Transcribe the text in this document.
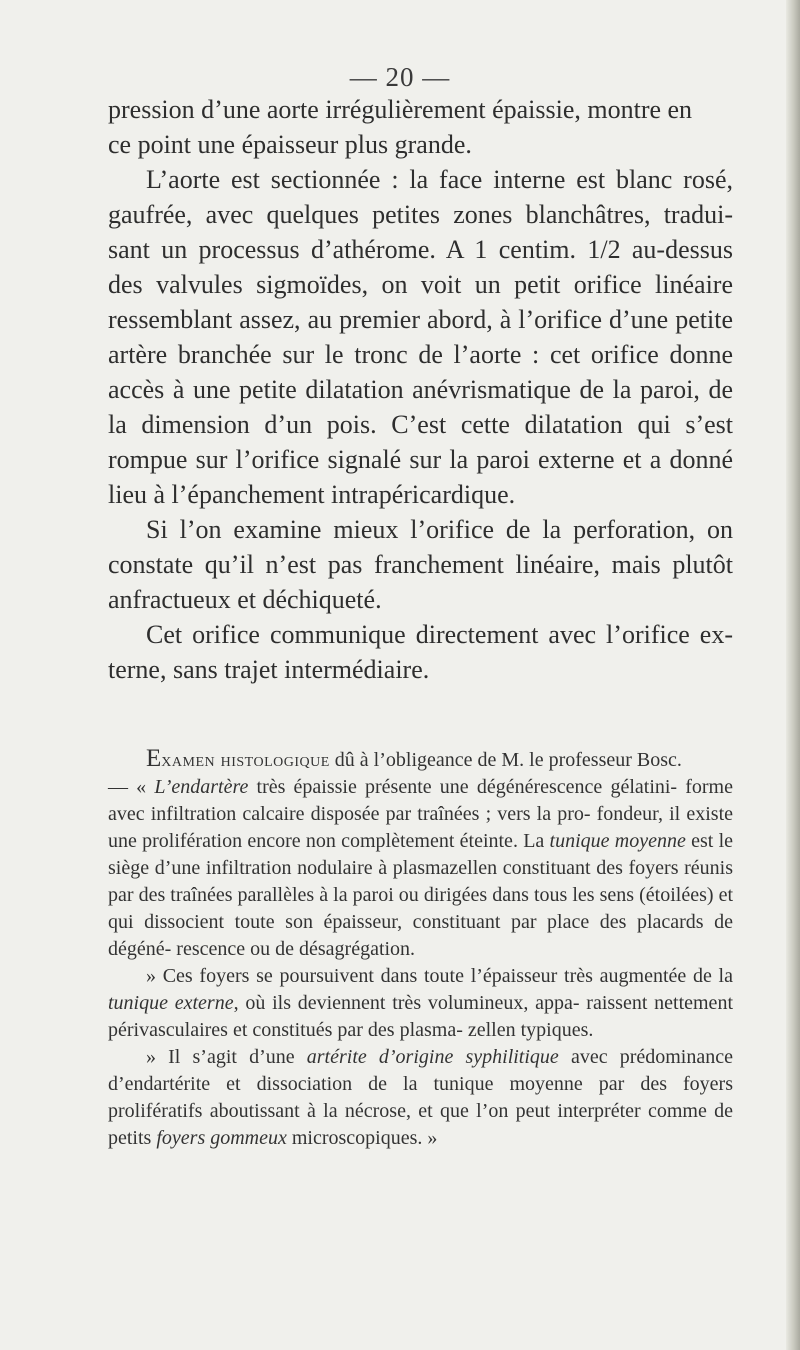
— 20 —

pression d’une aorte irrégulièrement épaissie, montre en
ce point une épaisseur plus grande.

L’aorte est sectionnée : la face interne est blanc rosé, gaufrée, avec quelques petites zones blanchâtres, tradui- sant un processus d’athérome. A 1 centim. 1/2 au-dessus des valvules sigmoïdes, on voit un petit orifice linéaire ressemblant assez, au premier abord, à l’orifice d’une petite artère branchée sur le tronc de l’aorte : cet orifice donne accès à une petite dilatation anévrismatique de la paroi, de la dimension d’un pois. C’est cette dilatation qui s’est rompue sur l’orifice signalé sur la paroi externe et a donné lieu à l’épanchement intrapéricardique.

Si l’on examine mieux l’orifice de la perforation, on constate qu’il n’est pas franchement linéaire, mais plutôt anfractueux et déchiqueté.

Cet orifice communique directement avec l’orifice ex- terne, sans trajet intermédiaire.

Examen histologique dû à l’obligeance de M. le professeur Bosc.

— « L’endartère très épaissie présente une dégénérescence gélatini- forme avec infiltration calcaire disposée par traînées ; vers la pro- fondeur, il existe une prolifération encore non complètement éteinte. La tunique moyenne est le siège d’une infiltration nodulaire à plasmazellen constituant des foyers réunis par des traînées parallèles à la paroi ou dirigées dans tous les sens (étoilées) et qui dissocient toute son épaisseur, constituant par place des placards de dégéné- rescence ou de désagrégation.

» Ces foyers se poursuivent dans toute l’épaisseur très augmentée de la tunique externe, où ils deviennent très volumineux, appa- raissent nettement périvasculaires et constitués par des plasma- zellen typiques.

» Il s’agit d’une artérite d’origine syphilitique avec prédominance d’endartérite et dissociation de la tunique moyenne par des foyers prolifératifs aboutissant à la nécrose, et que l’on peut interpréter comme de petits foyers gommeux microscopiques. »
